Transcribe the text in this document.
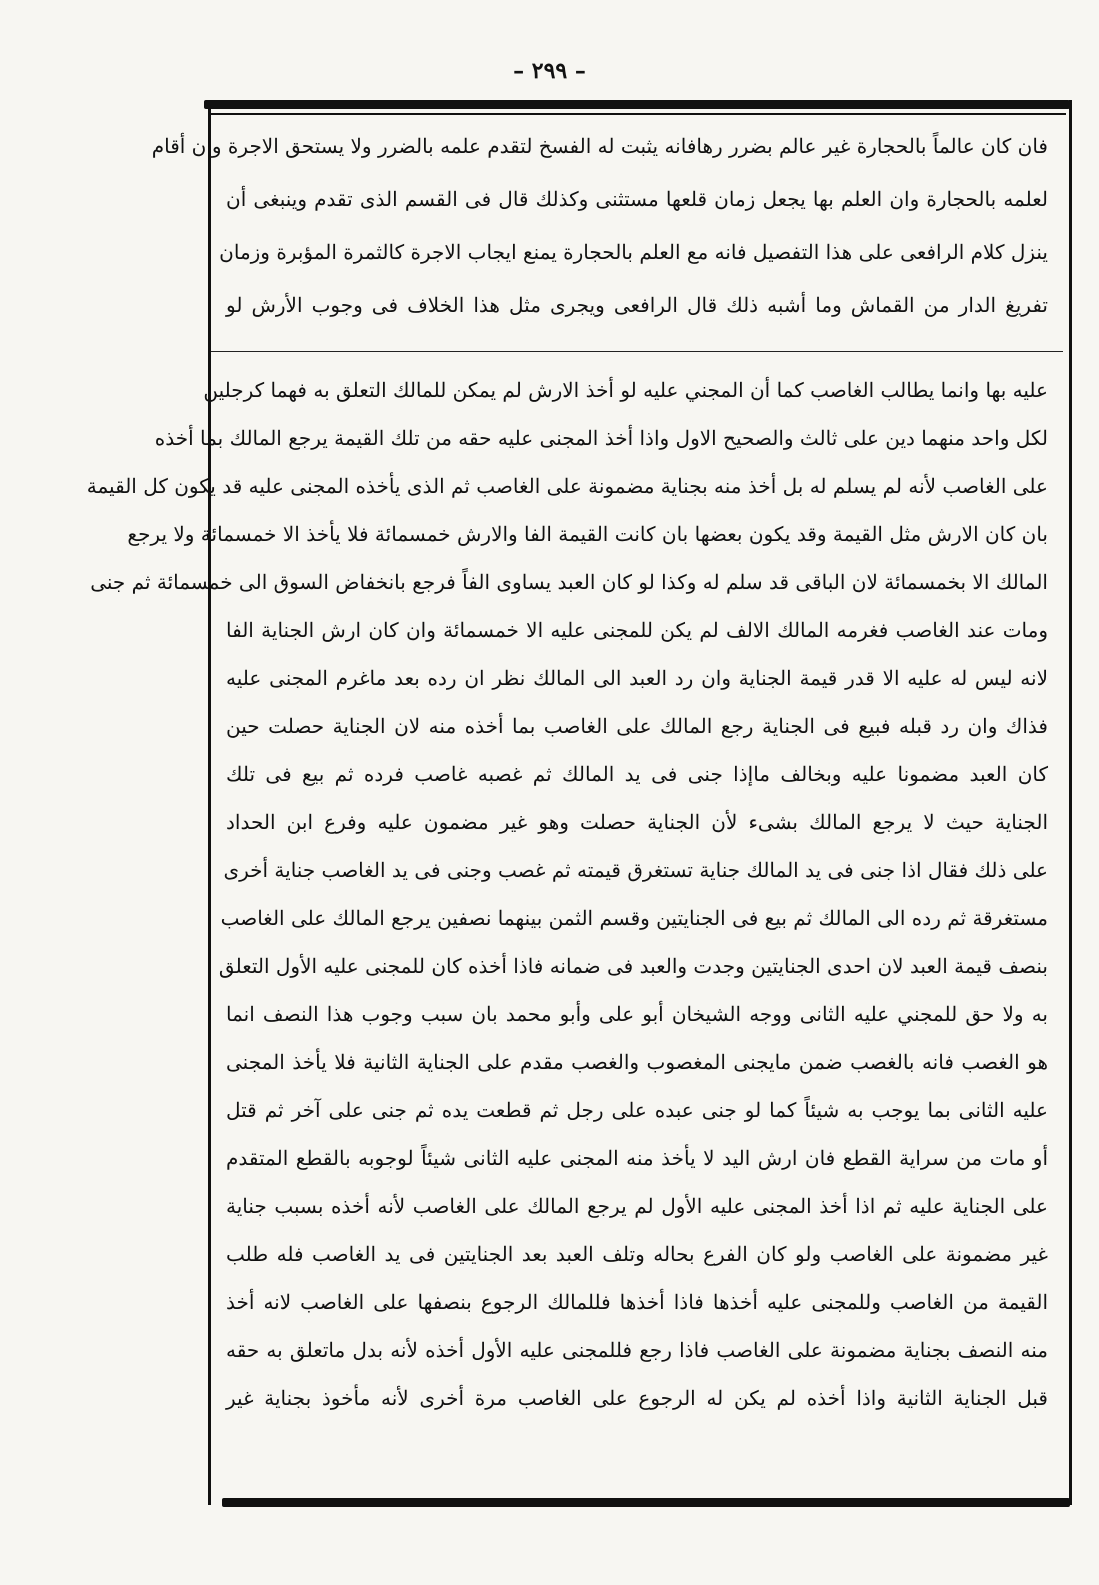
– ٢٩٩ –
فان كان عالماً بالحجارة غير عالم بضرر رهافانه يثبت له الفسخ لتقدم علمه بالضرر ولا يستحق الاجرة وان أقام
لعلمه بالحجارة وان العلم بها يجعل زمان قلعها مستثنى وكذلك قال فى القسم الذى تقدم وينبغى أن
ينزل كلام الرافعى على هذا التفصيل فانه مع العلم بالحجارة يمنع ايجاب الاجرة كالثمرة المؤبرة وزمان
تفريغ الدار من القماش وما أشبه ذلك قال الرافعى ويجرى مثل هذا الخلاف فى وجوب الأرش لو
عليه بها وانما يطالب الغاصب كما أن المجني عليه لو أخذ الارش لم يمكن للمالك التعلق به فهما كرجلين
لكل واحد منهما دين على ثالث والصحيح الاول واذا أخذ المجنى عليه حقه من تلك القيمة يرجع المالك بما أخذه
على الغاصب لأنه لم يسلم له بل أخذ منه بجناية مضمونة على الغاصب ثم الذى يأخذه المجنى عليه قد يكون كل القيمة
بان كان الارش مثل القيمة وقد يكون بعضها بان كانت القيمة الفا والارش خمسمائة فلا يأخذ الا خمسمائة ولا يرجع
المالك الا بخمسمائة لان الباقى قد سلم له وكذا لو كان العبد يساوى الفاً فرجع بانخفاض السوق الى خمسمائة ثم جنى
ومات عند الغاصب فغرمه المالك الالف لم يكن للمجنى عليه الا خمسمائة وان كان ارش الجناية الفا
لانه ليس له عليه الا قدر قيمة الجناية وان رد العبد الى المالك نظر ان رده بعد ماغرم المجنى عليه
فذاك وان رد قبله فبيع فى الجناية رجع المالك على الغاصب بما أخذه منه لان الجناية حصلت حين
كان العبد مضمونا عليه وبخالف ماإذا جنى فى يد المالك ثم غصبه غاصب فرده ثم بيع فى تلك
الجناية حيث لا يرجع المالك بشىء لأن الجناية حصلت وهو غير مضمون عليه وفرع ابن الحداد
على ذلك فقال اذا جنى فى يد المالك جناية تستغرق قيمته ثم غصب وجنى فى يد الغاصب جناية أخرى
مستغرقة ثم رده الى المالك ثم بيع فى الجنايتين وقسم الثمن بينهما نصفين يرجع المالك على الغاصب
بنصف قيمة العبد لان احدى الجنايتين وجدت والعبد فى ضمانه فاذا أخذه كان للمجنى عليه الأول التعلق
به ولا حق للمجني عليه الثانى ووجه الشيخان أبو على وأبو محمد بان سبب وجوب هذا النصف انما
هو الغصب فانه بالغصب ضمن مايجنى المغصوب والغصب مقدم على الجناية الثانية فلا يأخذ المجنى
عليه الثانى بما يوجب به شيئاً كما لو جنى عبده على رجل ثم قطعت يده ثم جنى على آخر ثم قتل
أو مات من سراية القطع فان ارش اليد لا يأخذ منه المجنى عليه الثانى شيئاً لوجوبه بالقطع المتقدم
على الجناية عليه ثم اذا أخذ المجنى عليه الأول لم يرجع المالك على الغاصب لأنه أخذه بسبب جناية
غير مضمونة على الغاصب ولو كان الفرع بحاله وتلف العبد بعد الجنايتين فى يد الغاصب فله طلب
القيمة من الغاصب وللمجنى عليه أخذها فاذا أخذها فللمالك الرجوع بنصفها على الغاصب لانه أخذ
منه النصف بجناية مضمونة على الغاصب فاذا رجع فللمجنى عليه الأول أخذه لأنه بدل ماتعلق به حقه
قبل الجناية الثانية واذا أخذه لم يكن له الرجوع على الغاصب مرة أخرى لأنه مأخوذ بجناية غير
